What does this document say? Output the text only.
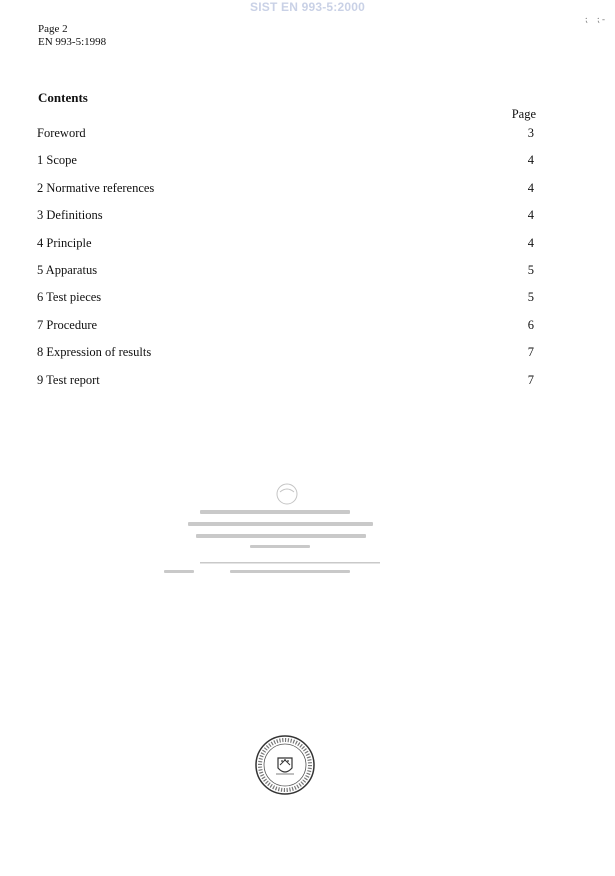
SIST EN 993-5:2000
⁏    ⁏ -
Page 2
EN 993-5:1998
Contents
Page
Foreword	3
1 Scope	4
2 Normative references	4
3 Definitions	4
4 Principle	4
5 Apparatus	5
6 Test pieces	5
7 Procedure	6
8 Expression of results	7
9 Test report	7
